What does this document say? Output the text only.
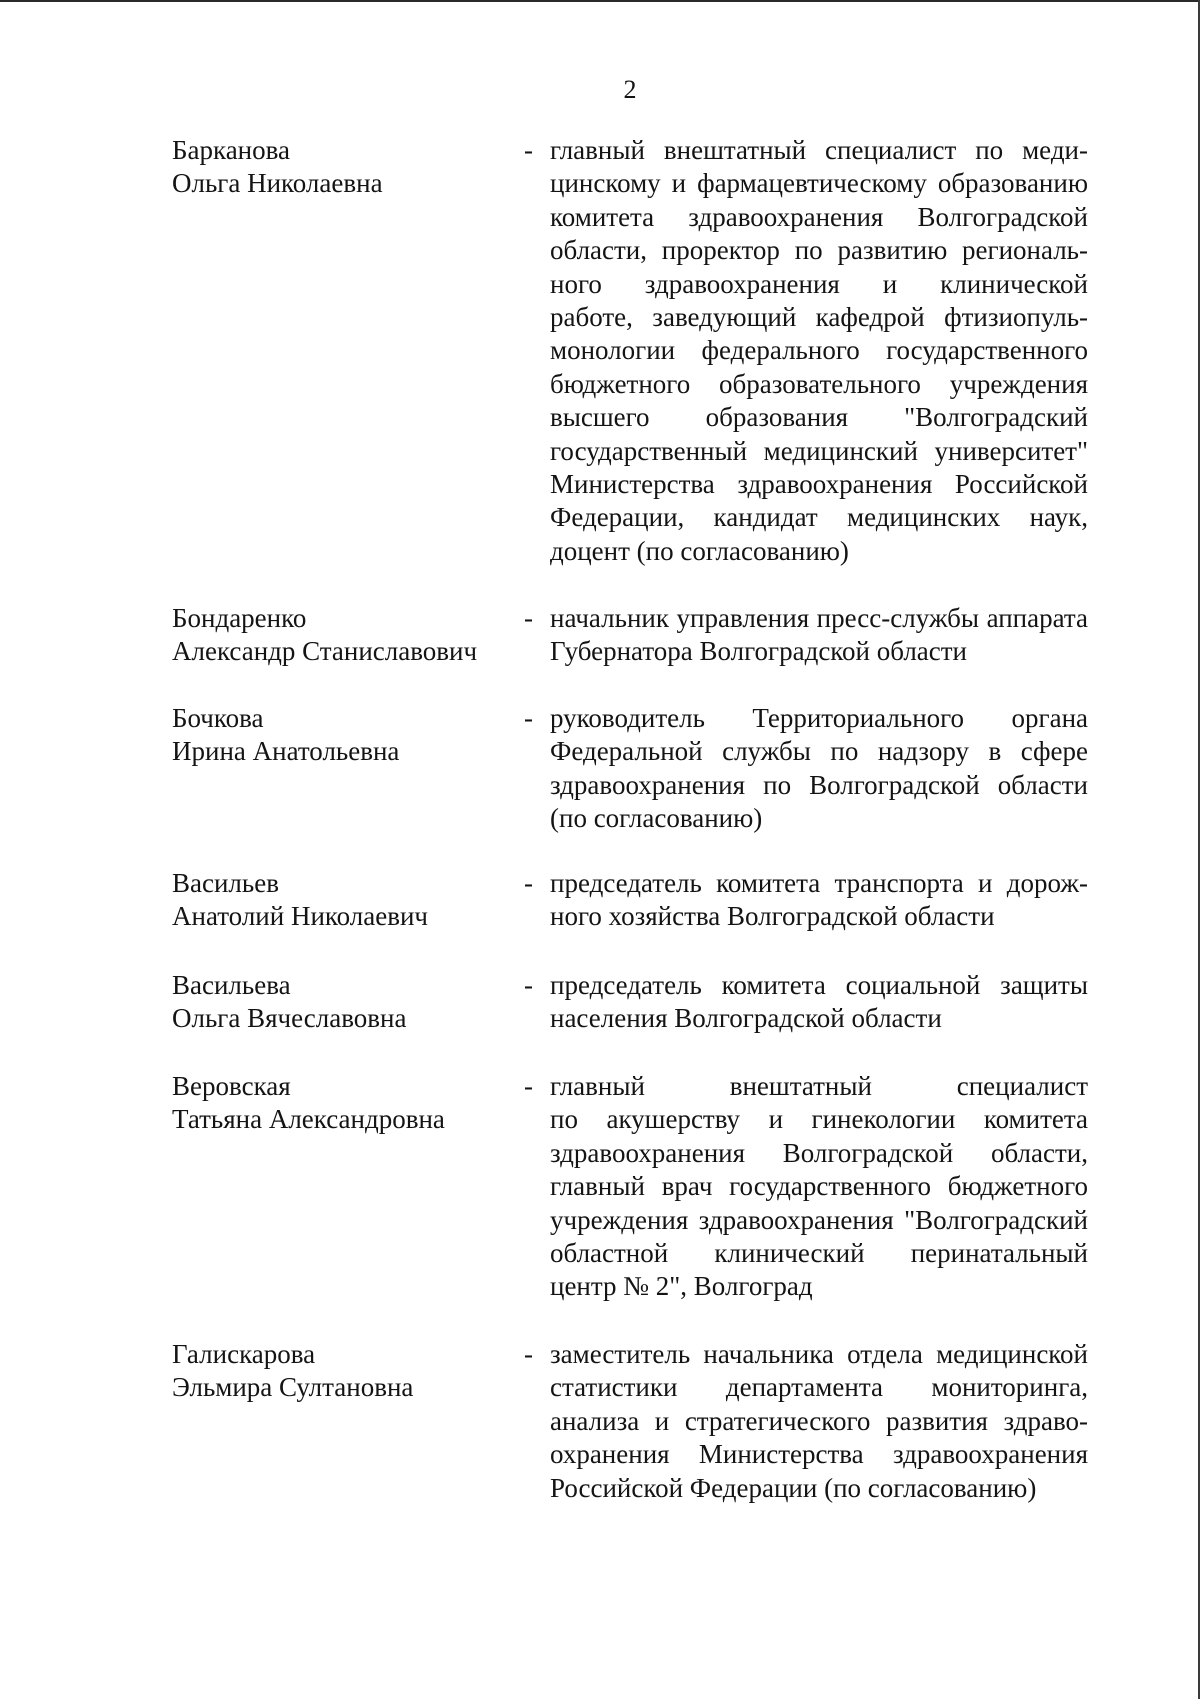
2
Барканова
Ольга Николаевна
- главный внештатный специалист по меди-
цинскому и фармацевтическому образованию
комитета здравоохранения Волгоградской
области, проректор по развитию региональ-
ного здравоохранения и клинической
работе, заведующий кафедрой фтизиопуль-
монологии федерального государственного
бюджетного образовательного учреждения
высшего образования "Волгоградский
государственный медицинский университет"
Министерства здравоохранения Российской
Федерации, кандидат медицинских наук,
доцент (по согласованию)
Бондаренко
Александр Станиславович
- начальник управления пресс-службы аппарата
Губернатора Волгоградской области
Бочкова
Ирина Анатольевна
- руководитель Территориального органа
Федеральной службы по надзору в сфере
здравоохранения по Волгоградской области
(по согласованию)
Васильев
Анатолий Николаевич
- председатель комитета транспорта и дорож-
ного хозяйства Волгоградской области
Васильева
Ольга Вячеславовна
- председатель комитета социальной защиты
населения Волгоградской области
Веровская
Татьяна Александровна
- главный внештатный специалист
по акушерству и гинекологии комитета
здравоохранения Волгоградской области,
главный врач государственного бюджетного
учреждения здравоохранения "Волгоградский
областной клинический перинатальный
центр № 2", Волгоград
Галискарова
Эльмира Султановна
- заместитель начальника отдела медицинской
статистики департамента мониторинга,
анализа и стратегического развития здраво-
охранения Министерства здравоохранения
Российской Федерации (по согласованию)
